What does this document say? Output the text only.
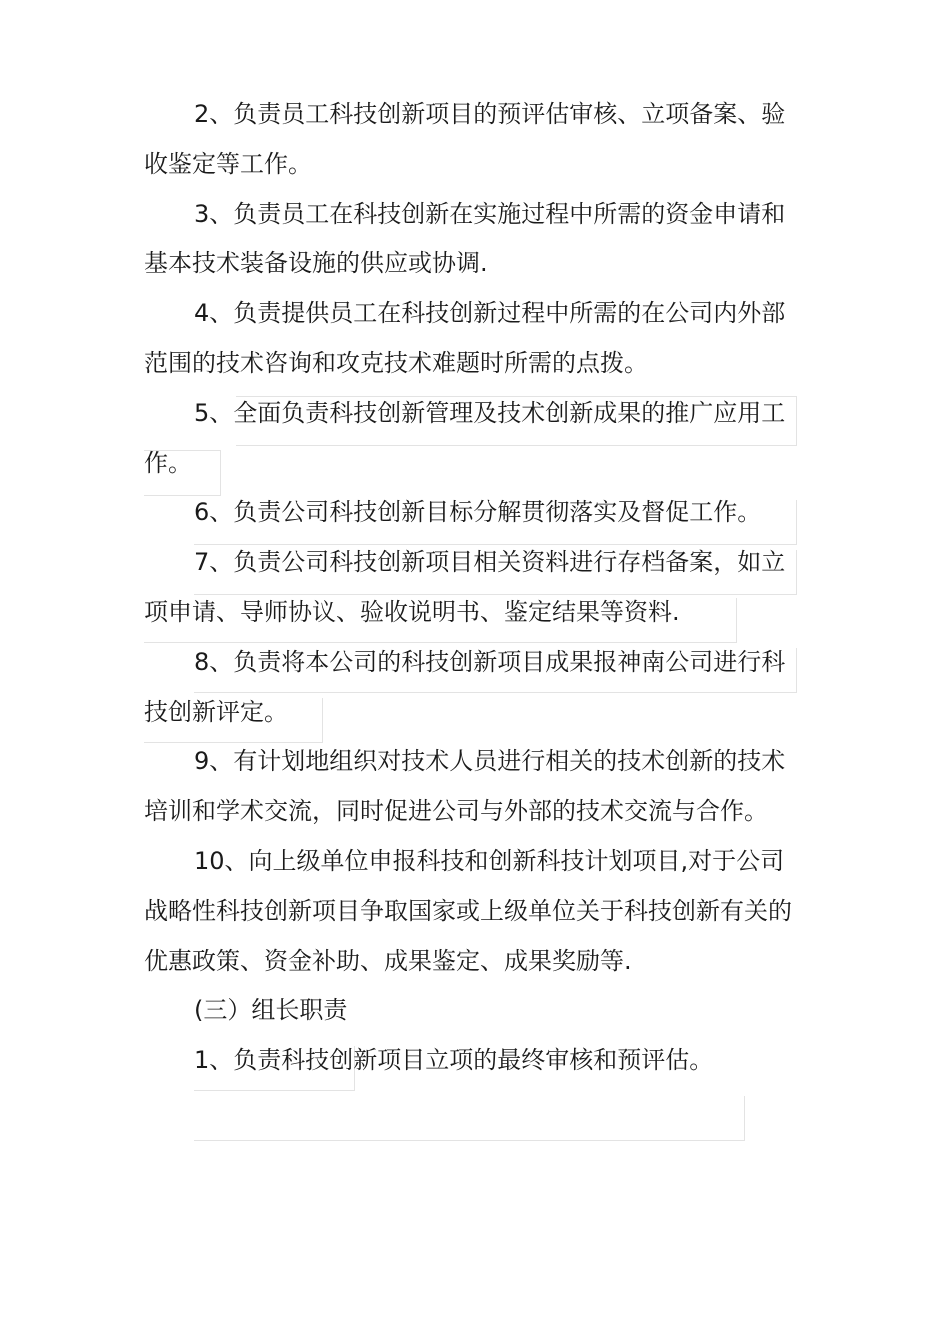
2、负责员工科技创新项目的预评估审核、立项备案、验收鉴定等工作。

3、负责员工在科技创新在实施过程中所需的资金申请和基本技术装备设施的供应或协调.

4、负责提供员工在科技创新过程中所需的在公司内外部范围的技术咨询和攻克技术难题时所需的点拨。

5、全面负责科技创新管理及技术创新成果的推广应用工作。

6、负责公司科技创新目标分解贯彻落实及督促工作。

7、负责公司科技创新项目相关资料进行存档备案，如立项申请、导师协议、验收说明书、鉴定结果等资料.

8、负责将本公司的科技创新项目成果报神南公司进行科技创新评定。

9、有计划地组织对技术人员进行相关的技术创新的技术培训和学术交流，同时促进公司与外部的技术交流与合作。

10、向上级单位申报科技和创新科技计划项目,对于公司战略性科技创新项目争取国家或上级单位关于科技创新有关的优惠政策、资金补助、成果鉴定、成果奖励等.

(三）组长职责

1、负责科技创新项目立项的最终审核和预评估。
